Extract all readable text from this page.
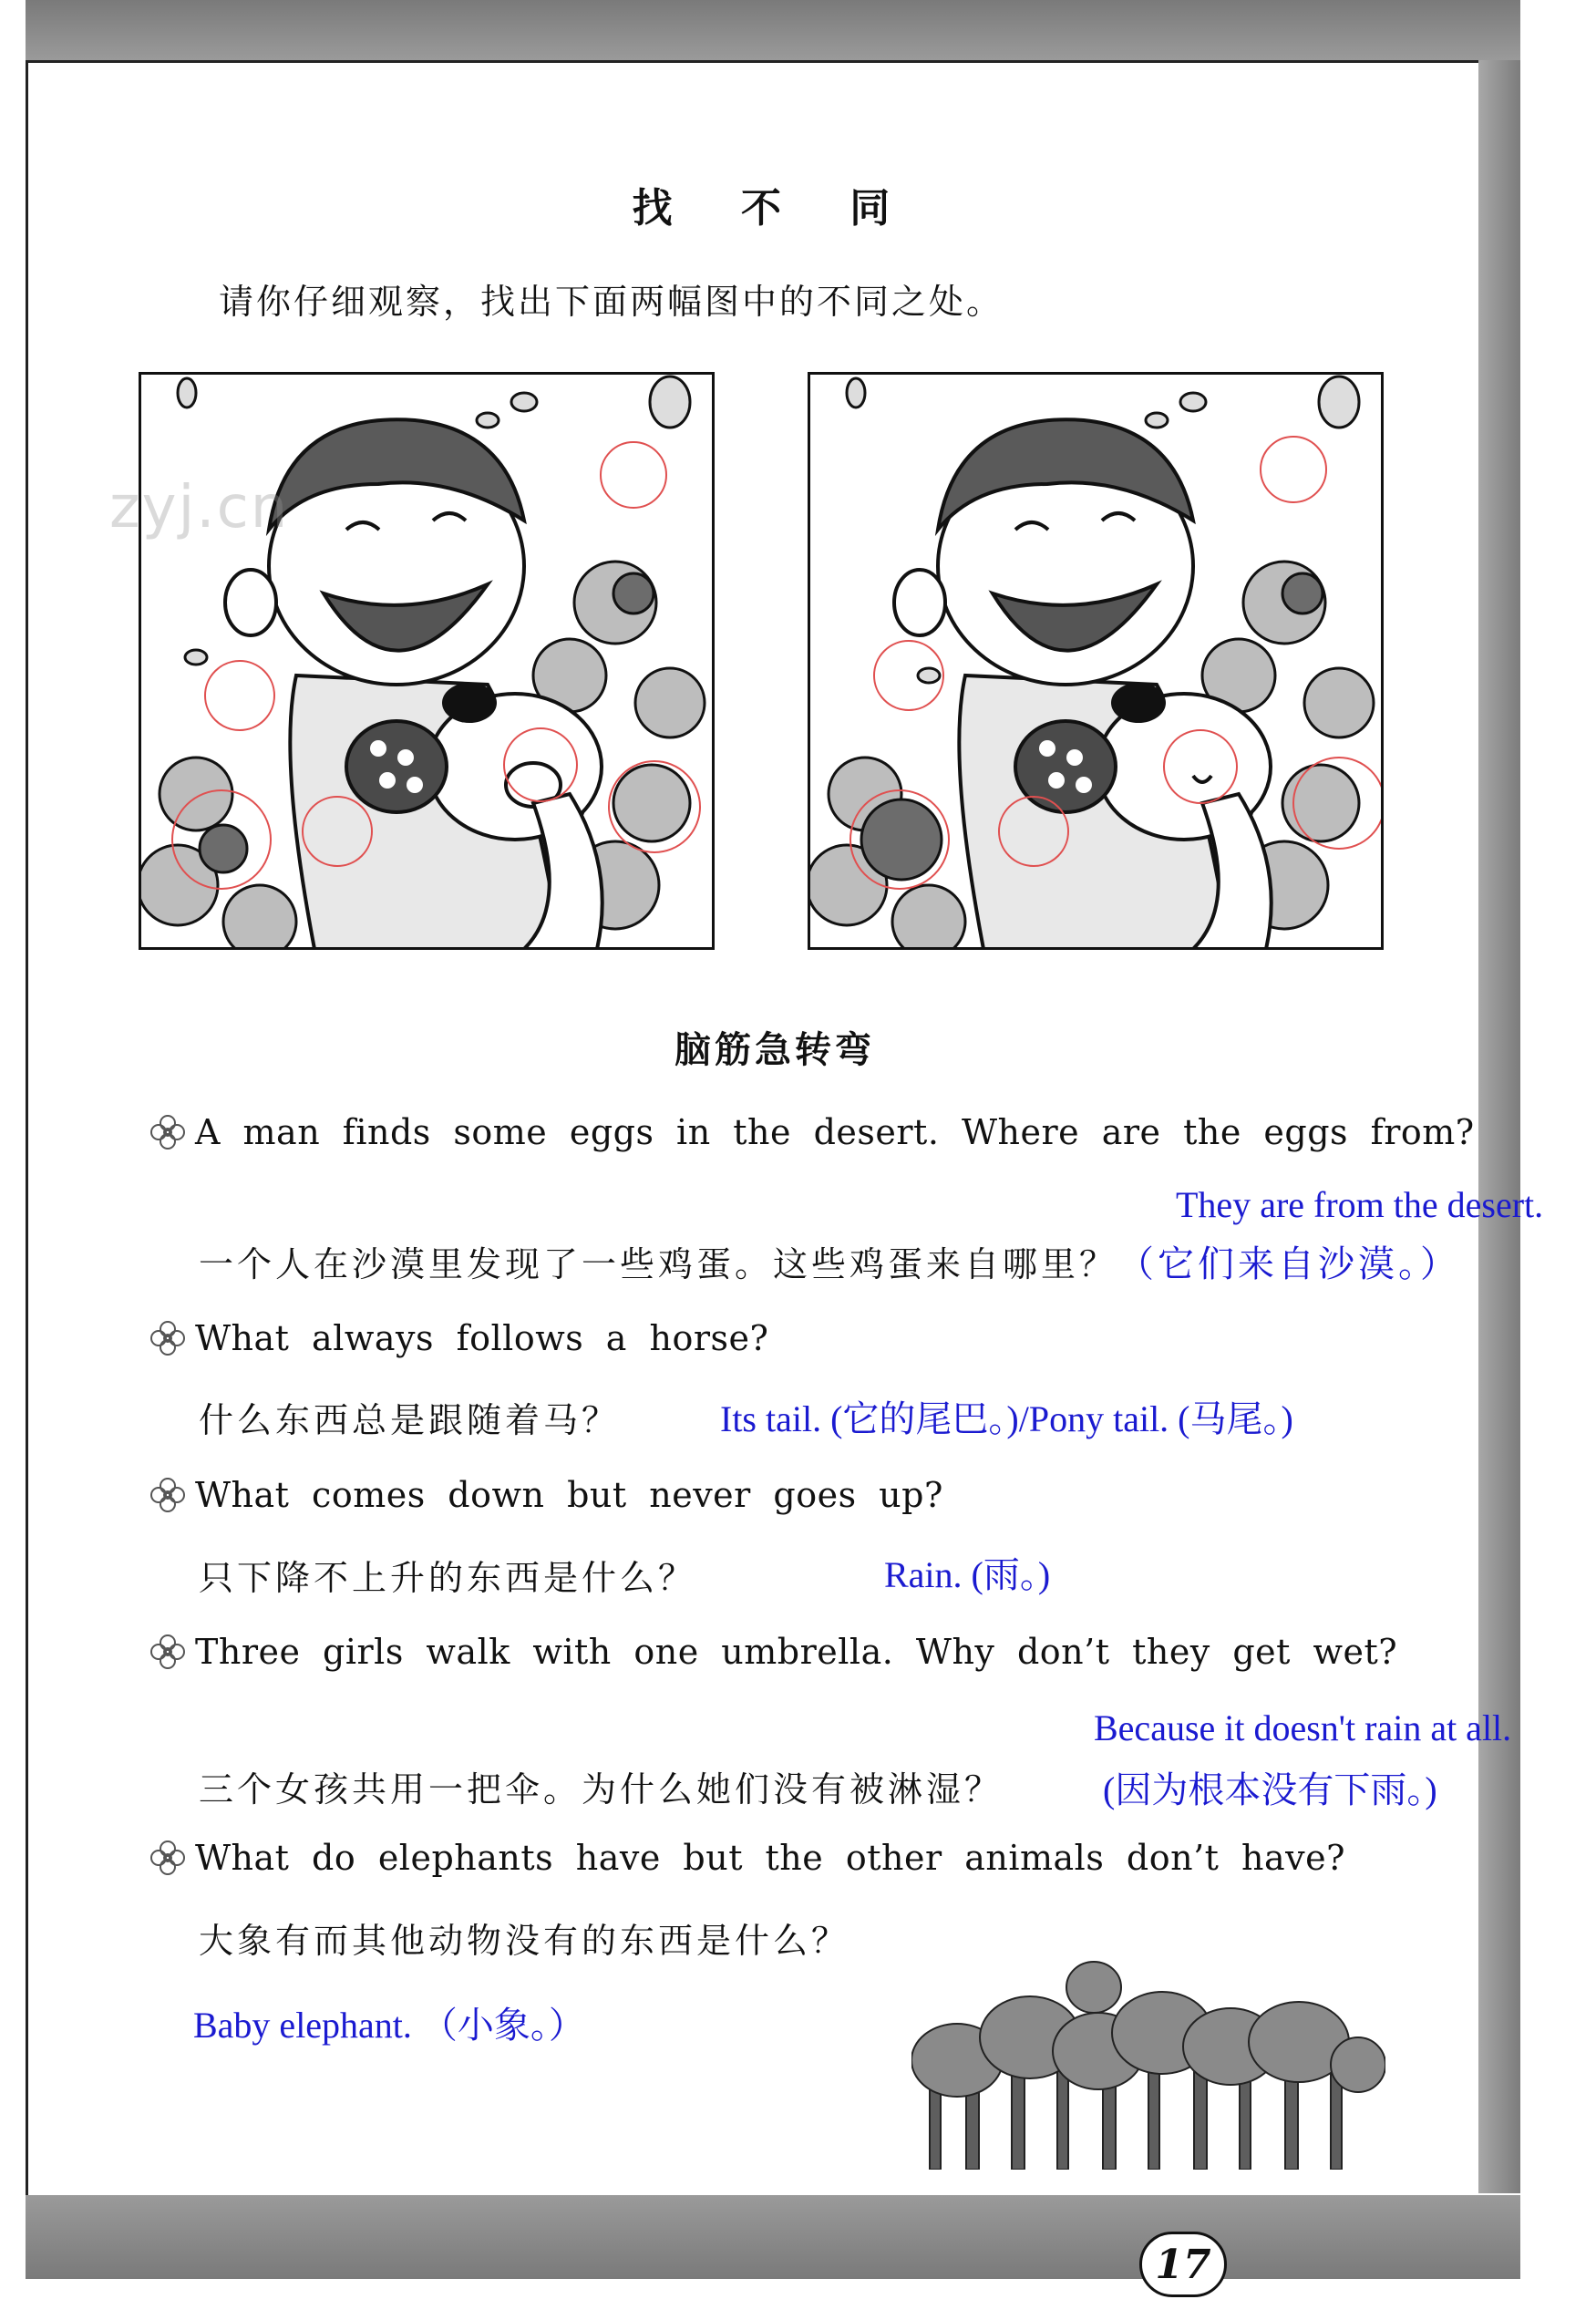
找 不 同
请你仔细观察，找出下面两幅图中的不同之处。
zyj.cn
脑筋急转弯
A man finds some eggs in the desert. Where are the eggs from?
They are from the desert.
一个人在沙漠里发现了一些鸡蛋。这些鸡蛋来自哪里？（它们来自沙漠。）
What always follows a horse?
什么东西总是跟随着马？	Its tail. (它的尾巴。)/Pony tail. (马尾。)
What comes down but never goes up?
只下降不上升的东西是什么？	Rain. (雨。)
Three girls walk with one umbrella. Why don’t they get wet?
Because it doesn't rain at all.
三个女孩共用一把伞。为什么她们没有被淋湿？	(因为根本没有下雨。)
What do elephants have but the other animals don’t have?
大象有而其他动物没有的东西是什么？
Baby elephant. （小象。）
17
